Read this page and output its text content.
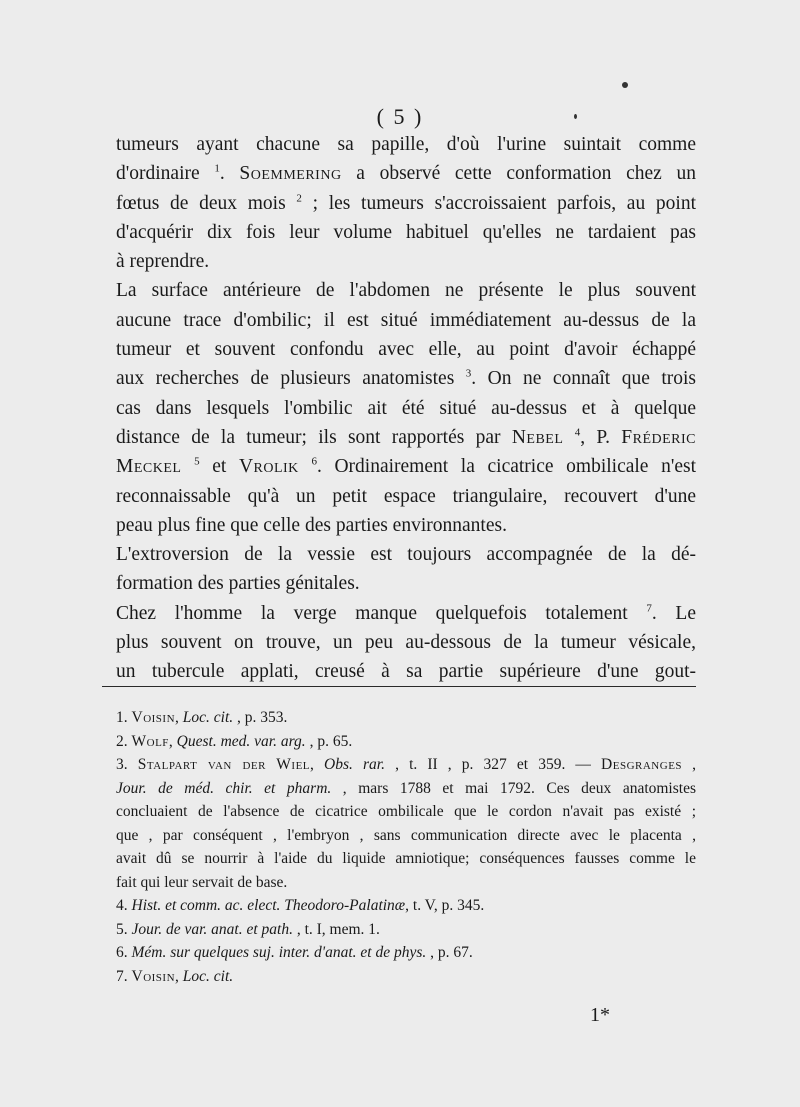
( 5 )
tumeurs ayant chacune sa papille, d'où l'urine suintait comme
d'ordinaire $^1$. Soemmering a observé cette conformation chez un
fœtus de deux mois $^2$ ; les tumeurs s'accroissaient parfois, au point
d'acquérir dix fois leur volume habituel qu'elles ne tardaient pas
à reprendre.
La surface antérieure de l'abdomen ne présente le plus souvent
aucune trace d'ombilic; il est situé immédiatement au-dessus de la
tumeur et souvent confondu avec elle, au point d'avoir échappé
aux recherches de plusieurs anatomistes $^3$. On ne connaît que trois
cas dans lesquels l'ombilic ait été situé au-dessus et à quelque
distance de la tumeur; ils sont rapportés par Nebel $^4$, P. Fréderic
Meckel $^5$ et Vrolik $^6$. Ordinairement la cicatrice ombilicale n'est
reconnaissable qu'à un petit espace triangulaire, recouvert d'une
peau plus fine que celle des parties environnantes.
L'extroversion de la vessie est toujours accompagnée de la dé-
formation des parties génitales.
Chez l'homme la verge manque quelquefois totalement $^7$. Le
plus souvent on trouve, un peu au-dessous de la tumeur vésicale,
un tubercule applati, creusé à sa partie supérieure d'une gout-
1. Voisin, Loc. cit. , p. 353.
2. Wolf, Quest. med. var. arg. , p. 65.
3. Stalpart van der Wiel, Obs. rar. , t. II , p. 327 et 359. — Desgranges ,
Jour. de méd. chir. et pharm. , mars 1788 et mai 1792. Ces deux anatomistes
concluaient de l'absence de cicatrice ombilicale que le cordon n'avait pas existé ;
que , par conséquent , l'embryon , sans communication directe avec le placenta ,
avait dû se nourrir à l'aide du liquide amniotique; conséquences fausses comme le
fait qui leur servait de base.
4. Hist. et comm. ac. elect. Theodoro-Palatinæ, t. V, p. 345.
5. Jour. de var. anat. et path. , t. I, mem. 1.
6. Mém. sur quelques suj. inter. d'anat. et de phys. , p. 67.
7. Voisin, Loc. cit.
1*
